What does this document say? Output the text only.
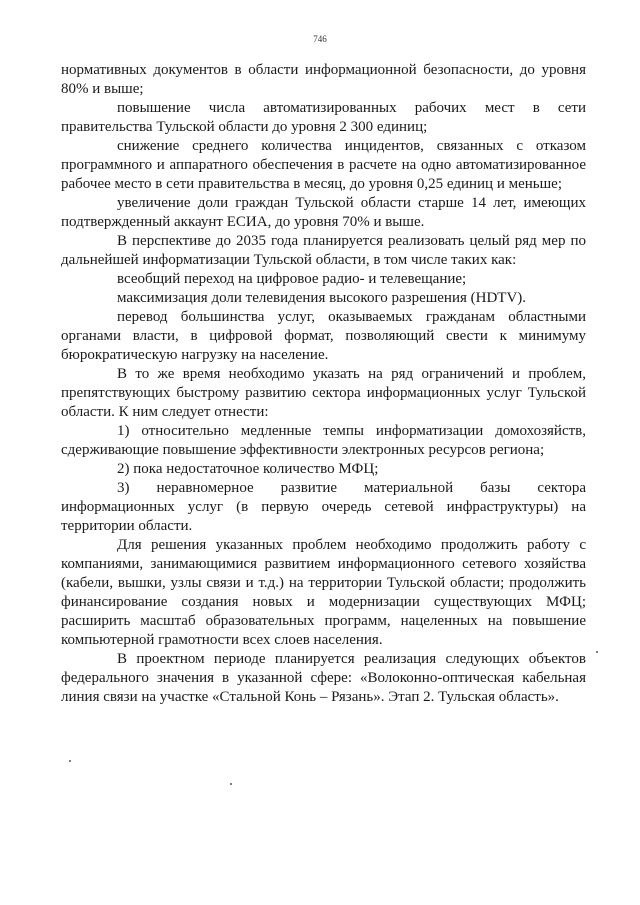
746

нормативных документов в области информационной безопасности, до уровня 80% и выше;

повышение числа автоматизированных рабочих мест в сети правительства Тульской области до уровня 2 300 единиц;

снижение среднего количества инцидентов, связанных с отказом программного и аппаратного обеспечения в расчете на одно автоматизированное рабочее место в сети правительства в месяц, до уровня 0,25 единиц и меньше;

увеличение доли граждан Тульской области старше 14 лет, имеющих подтвержденный аккаунт ЕСИА, до уровня 70% и выше.

В перспективе до 2035 года планируется реализовать целый ряд мер по дальнейшей информатизации Тульской области, в том числе таких как:

всеобщий переход на цифровое радио- и телевещание;

максимизация доли телевидения высокого разрешения (HDTV).

перевод большинства услуг, оказываемых гражданам областными органами власти, в цифровой формат, позволяющий свести к минимуму бюрократическую нагрузку на население.

В то же время необходимо указать на ряд ограничений и проблем, препятствующих быстрому развитию сектора информационных услуг Тульской области. К ним следует отнести:

1) относительно медленные темпы информатизации домохозяйств, сдерживающие повышение эффективности электронных ресурсов региона;

2) пока недостаточное количество МФЦ;

3) неравномерное развитие материальной базы сектора информационных услуг (в первую очередь сетевой инфраструктуры) на территории области.

Для решения указанных проблем необходимо продолжить работу с компаниями, занимающимися развитием информационного сетевого хозяйства (кабели, вышки, узлы связи и т.д.) на территории Тульской области; продолжить финансирование создания новых и модернизации существующих МФЦ; расширить масштаб образовательных программ, нацеленных на повышение компьютерной грамотности всех слоев населения.

В проектном периоде планируется реализация следующих объектов федерального значения в указанной сфере: «Волоконно-оптическая кабельная линия связи на участке «Стальной Конь – Рязань». Этап 2. Тульская область».
